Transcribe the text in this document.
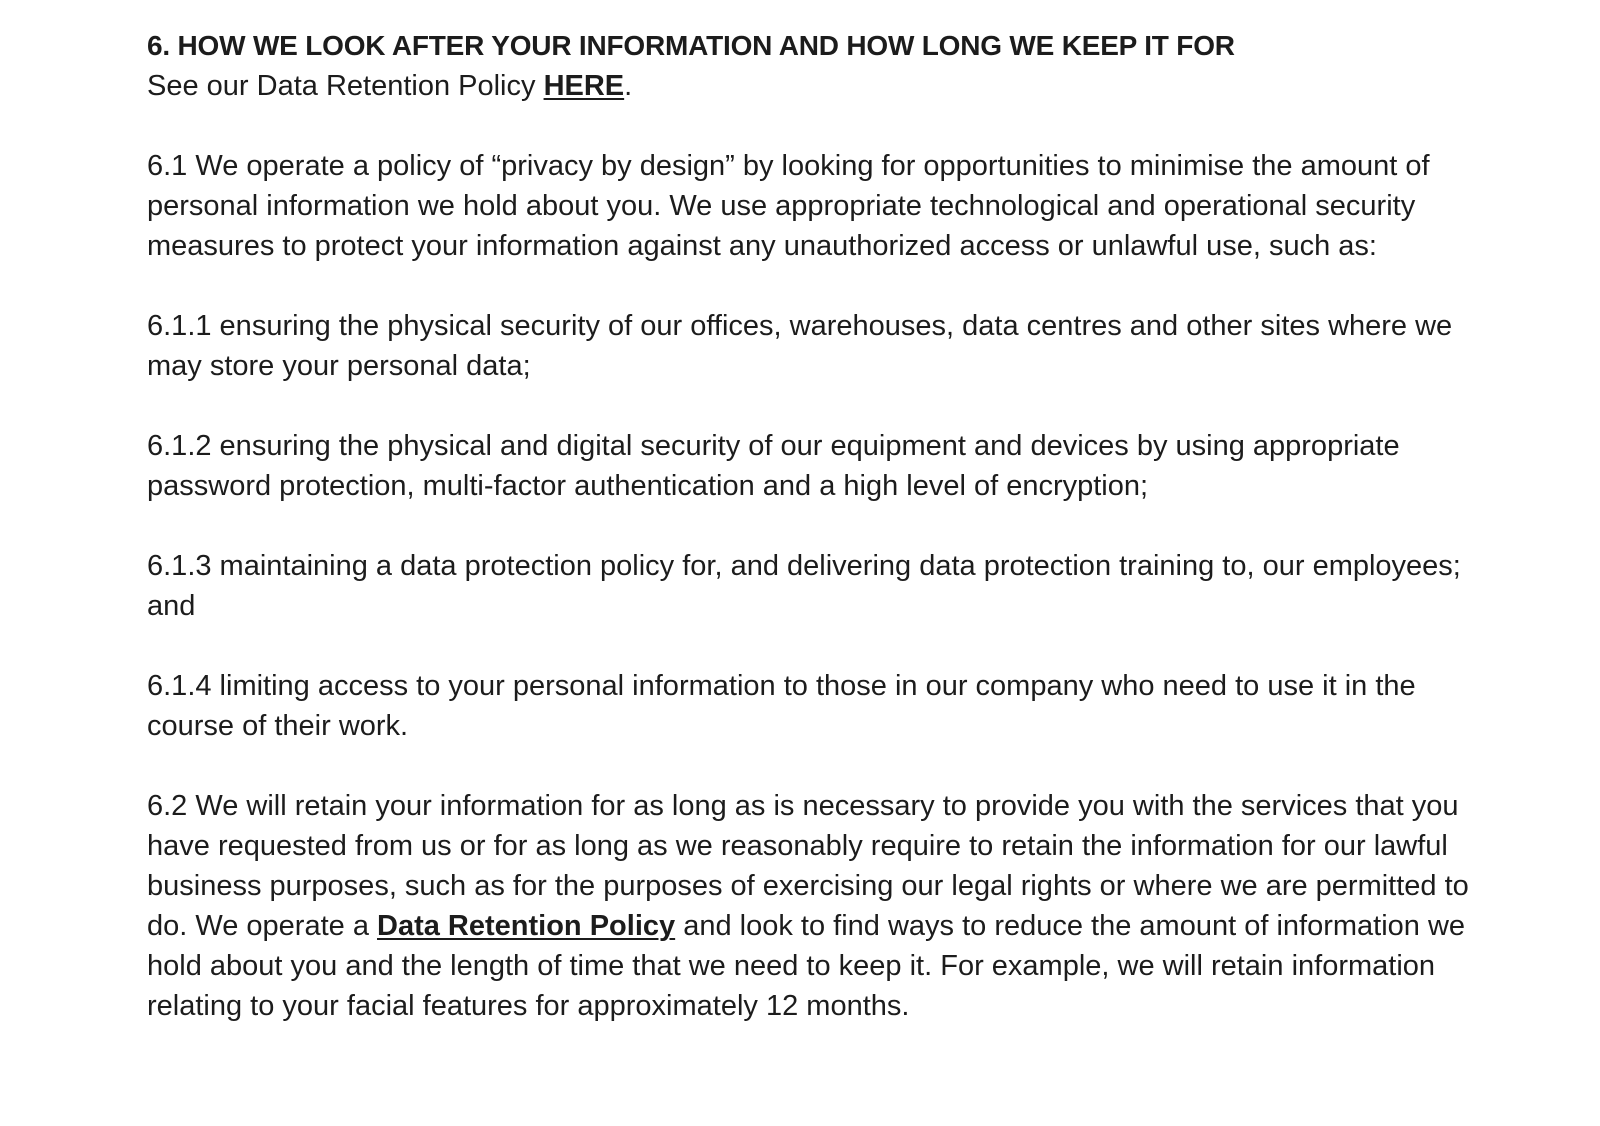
6. HOW WE LOOK AFTER YOUR INFORMATION AND HOW LONG WE KEEP IT FOR

See our Data Retention Policy HERE.

6.1 We operate a policy of “privacy by design” by looking for opportunities to minimise the amount of personal information we hold about you. We use appropriate technological and operational security measures to protect your information against any unauthorized access or unlawful use, such as:

6.1.1 ensuring the physical security of our offices, warehouses, data centres and other sites where we may store your personal data;

6.1.2 ensuring the physical and digital security of our equipment and devices by using appropriate password protection, multi-factor authentication and a high level of encryption;

6.1.3 maintaining a data protection policy for, and delivering data protection training to, our employees; and

6.1.4 limiting access to your personal information to those in our company who need to use it in the course of their work.

6.2 We will retain your information for as long as is necessary to provide you with the services that you have requested from us or for as long as we reasonably require to retain the information for our lawful business purposes, such as for the purposes of exercising our legal rights or where we are permitted to do. We operate a Data Retention Policy and look to find ways to reduce the amount of information we hold about you and the length of time that we need to keep it. For example, we will retain information relating to your facial features for approximately 12 months.
